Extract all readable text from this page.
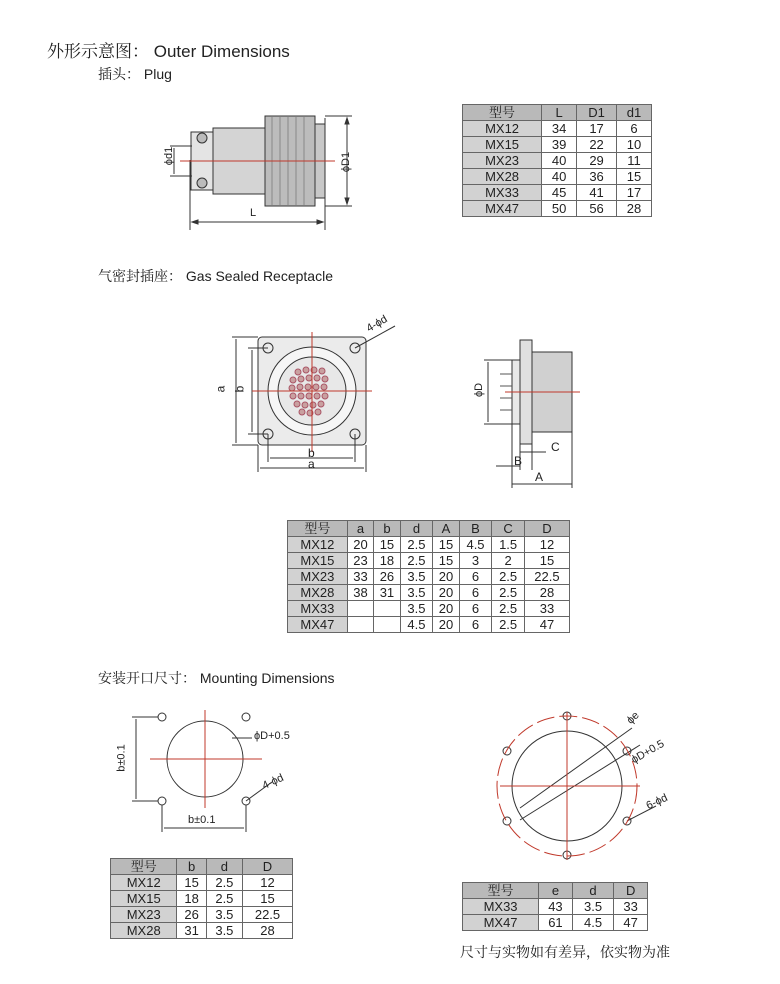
外形示意图： Outer Dimensions
插头： Plug
ϕd1	ϕD1
L
型号	L	D1	d1
MX12	34	17	6
MX15	39	22	10
MX23	40	29	11
MX28	40	36	15
MX33	45	41	17
MX47	50	56	28
气密封插座： Gas Sealed Receptacle
4-ϕd
a b
b
a
ϕD
B
C
A
型号	a	b	d	A	B	C	D
MX12	20	15	2.5	15	4.5	1.5	12
MX15	23	18	2.5	15	3	2	15
MX23	33	26	3.5	20	6	2.5	22.5
MX28	38	31	3.5	20	6	2.5	28
MX33			3.5	20	6	2.5	33
MX47			4.5	20	6	2.5	47
安装开口尺寸： Mounting Dimensions
b±0.1
b±0.1
ϕD+0.5
4-ϕd
ϕe
ϕD+0.5
6-ϕd
型号	b	d	D
MX12	15	2.5	12
MX15	18	2.5	15
MX23	26	3.5	22.5
MX28	31	3.5	28
型号	e	d	D
MX33	43	3.5	33
MX47	61	4.5	47
尺寸与实物如有差异，依实物为准
